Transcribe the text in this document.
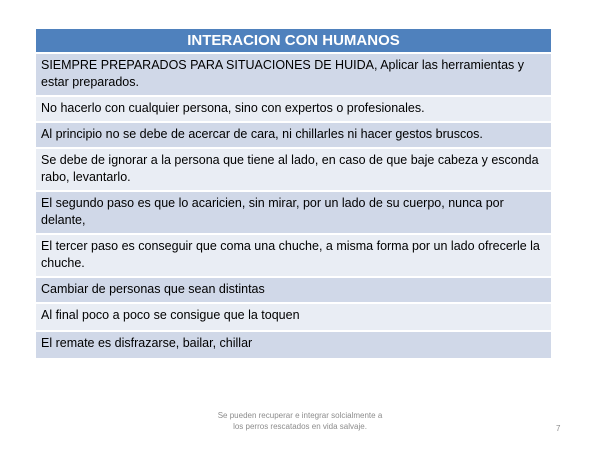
INTERACION CON HUMANOS
SIEMPRE PREPARADOS PARA SITUACIONES DE HUIDA, Aplicar las herramientas y estar preparados.
No hacerlo con cualquier persona, sino con expertos o profesionales.
Al principio no se debe de acercar de cara, ni chillarles ni hacer gestos bruscos.
Se debe de ignorar a la persona que tiene al lado, en caso de que baje cabeza y esconda rabo, levantarlo.
El segundo paso es que lo acaricien, sin mirar, por un lado de su cuerpo, nunca por delante,
El tercer paso es conseguir que coma una chuche, a misma forma por un lado ofrecerle la chuche.
Cambiar de personas que sean distintas
Al final poco a poco se consigue que la toquen
El remate es disfrazarse, bailar, chillar
Se pueden recuperar e integrar solcialmente a los perros rescatados en vida salvaje.	7
